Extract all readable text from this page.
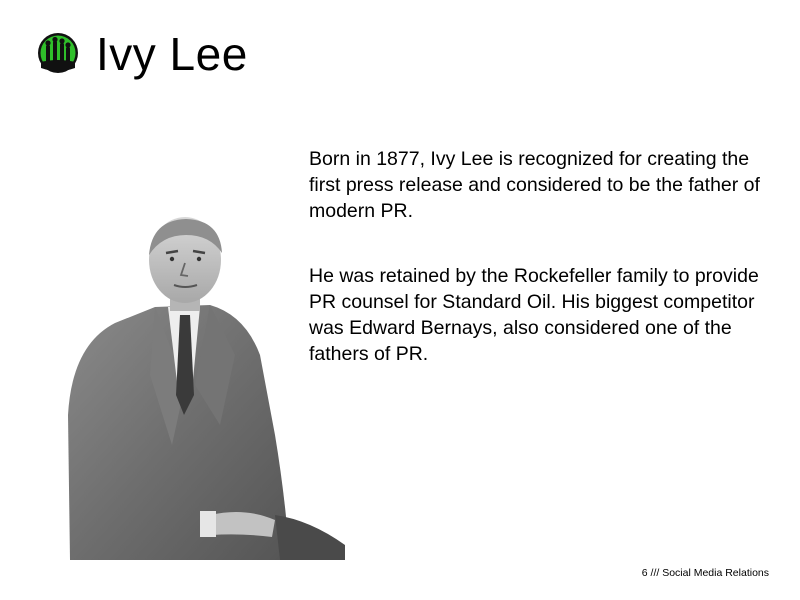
Ivy Lee

Born in 1877, Ivy Lee is recognized for creating the first press release and considered to be the father of modern PR.

He was retained by the Rockefeller family to provide PR counsel for Standard Oil. His biggest competitor was Edward Bernays, also considered one of the fathers of PR.

6 /// Social Media Relations
